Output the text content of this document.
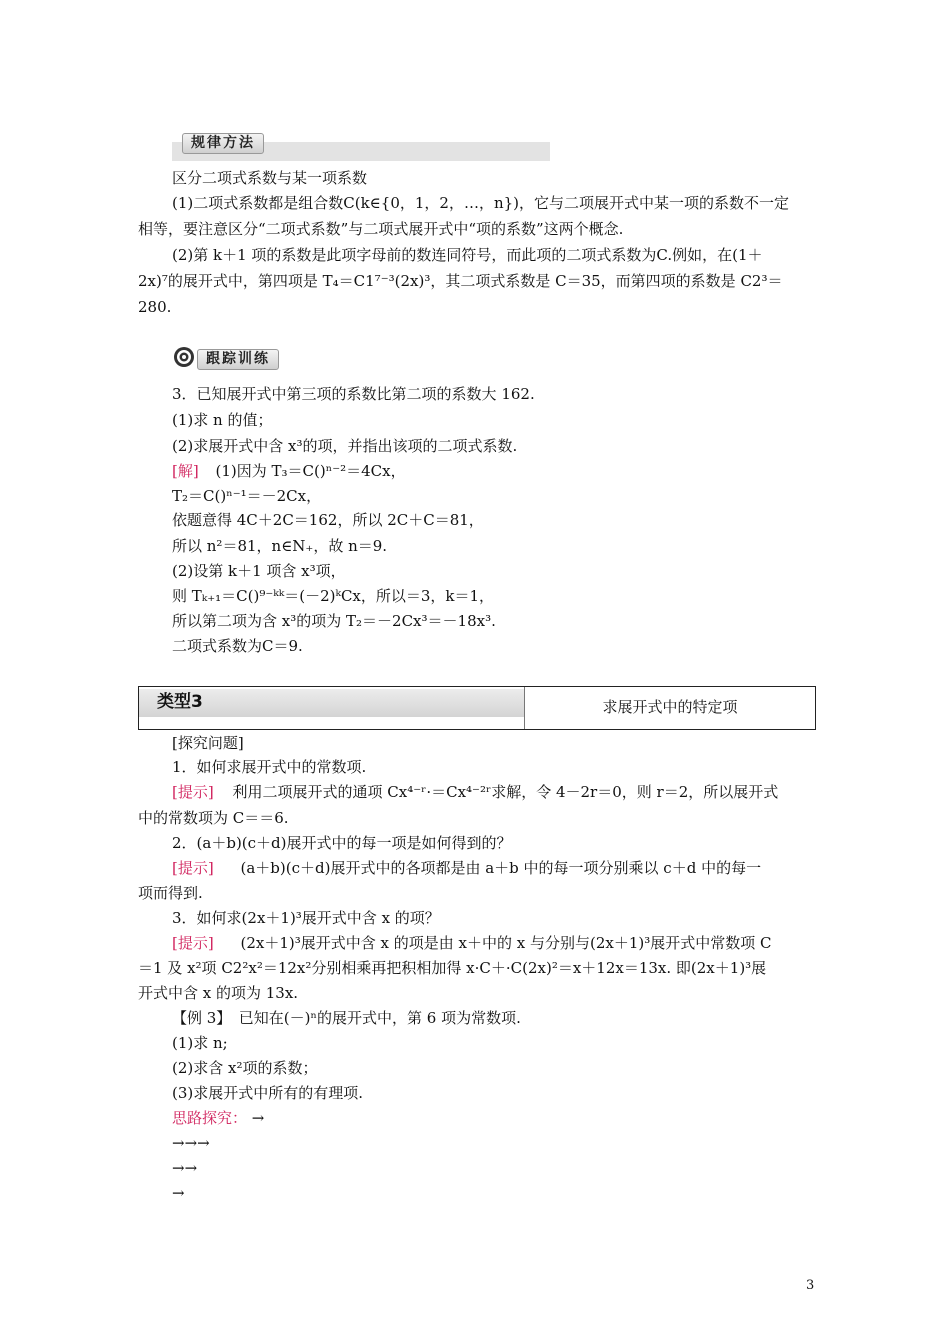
规律方法
区分二项式系数与某一项系数
(1)二项式系数都是组合数C(k∈{0，1，2，…，n})，它与二项展开式中某一项的系数不一定
相等，要注意区分“二项式系数”与二项式展开式中“项的系数”这两个概念.
(2)第 k＋1 项的系数是此项字母前的数连同符号，而此项的二项式系数为C.例如，在(1＋
2x)⁷的展开式中，第四项是 T₄＝C1⁷⁻³(2x)³，其二项式系数是 C＝35，而第四项的系数是 C2³＝
280.
跟踪训练
3．已知展开式中第三项的系数比第二项的系数大 162.
(1)求 n 的值；
(2)求展开式中含 x³的项，并指出该项的二项式系数.
[解] (1)因为 T₃＝C()ⁿ⁻²＝4Cx，
T₂＝C()ⁿ⁻¹＝－2Cx，
依题意得 4C＋2C＝162，所以 2C＋C＝81，
所以 n²＝81，n∈N₊，故 n＝9.
(2)设第 k＋1 项含 x³项，
则 Tₖ₊₁＝C()⁹⁻ᵏᵏ＝(－2)ᵏCx，所以＝3，k＝1，
所以第二项为含 x³的项为 T₂＝－2Cx³＝－18x³.
二项式系数为C＝9.
类型3	求展开式中的特定项
[探究问题]
1．如何求展开式中的常数项.
[提示] 利用二项展开式的通项 Cx⁴⁻ʳ·＝Cx⁴⁻²ʳ求解，令 4－2r＝0，则 r＝2，所以展开式
中的常数项为 C＝＝6.
2．(a＋b)(c＋d)展开式中的每一项是如何得到的？
[提示] (a＋b)(c＋d)展开式中的各项都是由 a＋b 中的每一项分别乘以 c＋d 中的每一
项而得到.
3．如何求(2x＋1)³展开式中含 x 的项？
[提示] (2x＋1)³展开式中含 x 的项是由 x＋中的 x 与分别与(2x＋1)³展开式中常数项 C
＝1 及 x²项 C2²x²＝12x²分别相乘再把积相加得 x·C＋·C(2x)²＝x＋12x＝13x. 即(2x＋1)³展
开式中含 x 的项为 13x.
【例 3】　已知在(－)ⁿ的展开式中，第 6 项为常数项.
(1)求 n;
(2)求含 x²项的系数；
(3)求展开式中所有的有理项.
思路探究： →
→→→
→→
→
3
